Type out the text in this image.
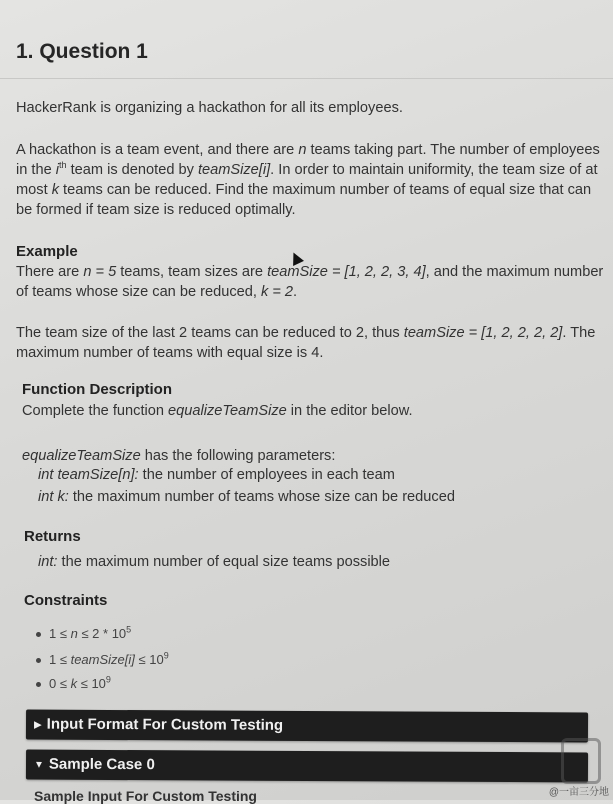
1. Question 1
HackerRank is organizing a hackathon for all its employees.
A hackathon is a team event, and there are n teams taking part. The number of employees in the $i^{th}$ team is denoted by teamSize[i]. In order to maintain uniformity, the team size of at most k teams can be reduced. Find the maximum number of teams of equal size that can be formed if team size is reduced optimally.
Example
There are n = 5 teams, team sizes are teamSize = [1, 2, 2, 3, 4], and the maximum number of teams whose size can be reduced, k = 2.
The team size of the last 2 teams can be reduced to 2, thus teamSize = [1, 2, 2, 2, 2]. The maximum number of teams with equal size is 4.
Function Description
Complete the function equalizeTeamSize in the editor below.
equalizeTeamSize has the following parameters:
int teamSize[n]: the number of employees in each team
int k: the maximum number of teams whose size can be reduced
Returns
int: the maximum number of equal size teams possible
Constraints
$1 \le n \le 2 * 10^5$
1 ≤ teamSize[i] ≤ $10^9$
$0 \le k \le 10^9$
▶ Input Format For Custom Testing
▼ Sample Case 0
Sample Input For Custom Testing	@一亩三分地
